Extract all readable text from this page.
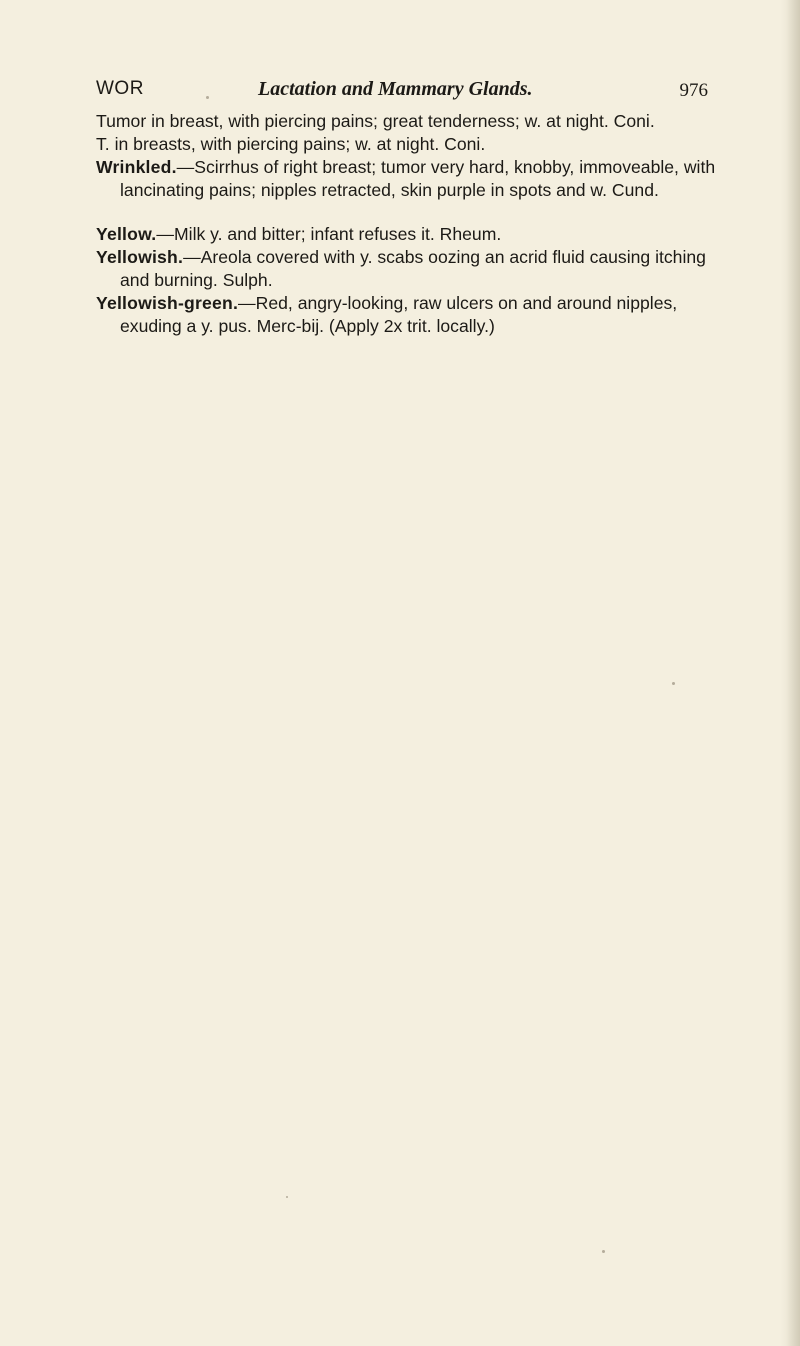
WOR	Lactation and Mammary Glands.	976

Tumor in breast, with piercing pains; great tenderness; w. at night. Coni.

T. in breasts, with piercing pains; w. at night. Coni.

Wrinkled.—Scirrhus of right breast; tumor very hard, knobby, immoveable, with lancinating pains; nipples retracted, skin purple in spots and w. Cund.

Yellow.—Milk y. and bitter; infant refuses it. Rheum.

Yellowish.—Areola covered with y. scabs oozing an acrid fluid causing itching and burning. Sulph.

Yellowish-green.—Red, angry-looking, raw ulcers on and around nipples, exuding a y. pus. Merc-bij. (Apply 2x trit. locally.)
